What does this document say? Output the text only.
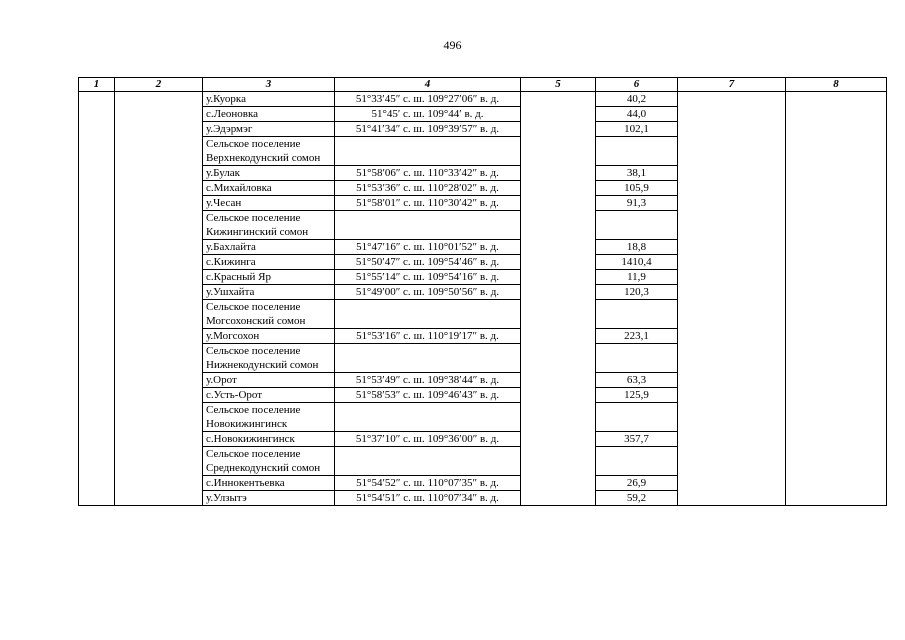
496
1	2	3	4	5	6	7	8
		у.Куорка	51°33′45″ с. ш. 109°27′06″ в. д.		40,2		
		с.Леоновка	51°45′ с. ш. 109°44′ в. д.		44,0		
		у.Эдэрмэг	51°41′34″ с. ш. 109°39′57″ в. д.		102,1		
		Сельское поселение Верхнекодунский сомон					
		у.Булак	51°58′06″ с. ш. 110°33′42″ в. д.		38,1		
		с.Михайловка	51°53′36″ с. ш. 110°28′02″ в. д.		105,9		
		у.Чесан	51°58′01″ с. ш. 110°30′42″ в. д.		91,3		
		Сельское поселение Кижингинский сомон					
		у.Бахлайта	51°47′16″ с. ш. 110°01′52″ в. д.		18,8		
		с.Кижинга	51°50′47″ с. ш. 109°54′46″ в. д.		1410,4		
		с.Красный Яр	51°55′14″ с. ш. 109°54′16″ в. д.		11,9		
		у.Ушхайта	51°49′00″ с. ш. 109°50′56″ в. д.		120,3		
		Сельское поселение Могсохонский сомон					
		у.Могсохон	51°53′16″ с. ш. 110°19′17″ в. д.		223,1		
		Сельское поселение Нижнекодунский сомон					
		у.Орот	51°53′49″ с. ш. 109°38′44″ в. д.		63,3		
		с.Усть-Орот	51°58′53″ с. ш. 109°46′43″ в. д.		125,9		
		Сельское поселение Новокижингинск					
		с.Новокижингинск	51°37′10″ с. ш. 109°36′00″ в. д.		357,7		
		Сельское поселение Среднекодунский сомон					
		с.Иннокентьевка	51°54′52″ с. ш. 110°07′35″ в. д.		26,9		
		у.Улзытэ	51°54′51″ с. ш. 110°07′34″ в. д.		59,2		
